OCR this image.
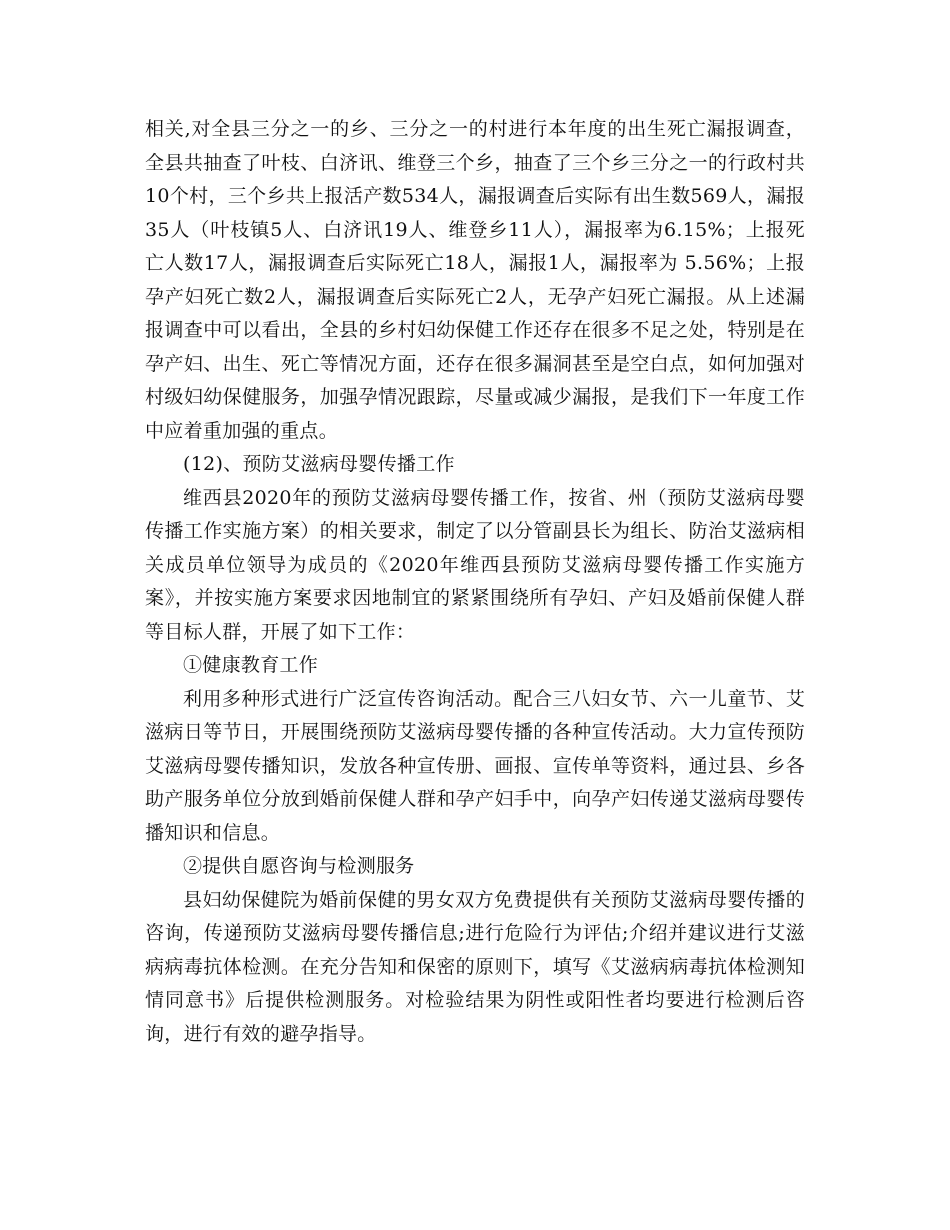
相关,对全县三分之一的乡、三分之一的村进行本年度的出生死亡漏报调查，全县共抽查了叶枝、白济讯、维登三个乡，抽查了三个乡三分之一的行政村共10个村，三个乡共上报活产数534人，漏报调查后实际有出生数569人，漏报35人（叶枝镇5人、白济讯19人、维登乡11人），漏报率为6.15%；上报死亡人数17人，漏报调查后实际死亡18人，漏报1人，漏报率为 5.56%；上报孕产妇死亡数2人，漏报调查后实际死亡2人，无孕产妇死亡漏报。从上述漏报调查中可以看出，全县的乡村妇幼保健工作还存在很多不足之处，特别是在孕产妇、出生、死亡等情况方面，还存在很多漏洞甚至是空白点，如何加强对村级妇幼保健服务，加强孕情况跟踪，尽量或减少漏报，是我们下一年度工作中应着重加强的重点。

(12)、预防艾滋病母婴传播工作

维西县2020年的预防艾滋病母婴传播工作，按省、州（预防艾滋病母婴传播工作实施方案）的相关要求，制定了以分管副县长为组长、防治艾滋病相关成员单位领导为成员的《2020年维西县预防艾滋病母婴传播工作实施方案》，并按实施方案要求因地制宜的紧紧围绕所有孕妇、产妇及婚前保健人群等目标人群，开展了如下工作：

①健康教育工作

利用多种形式进行广泛宣传咨询活动。配合三八妇女节、六一儿童节、艾滋病日等节日，开展围绕预防艾滋病母婴传播的各种宣传活动。大力宣传预防艾滋病母婴传播知识，发放各种宣传册、画报、宣传单等资料，通过县、乡各助产服务单位分放到婚前保健人群和孕产妇手中，向孕产妇传递艾滋病母婴传播知识和信息。

②提供自愿咨询与检测服务

县妇幼保健院为婚前保健的男女双方免费提供有关预防艾滋病母婴传播的咨询，传递预防艾滋病母婴传播信息;进行危险行为评估;介绍并建议进行艾滋病病毒抗体检测。在充分告知和保密的原则下，填写《艾滋病病毒抗体检测知情同意书》后提供检测服务。对检验结果为阴性或阳性者均要进行检测后咨询，进行有效的避孕指导。
